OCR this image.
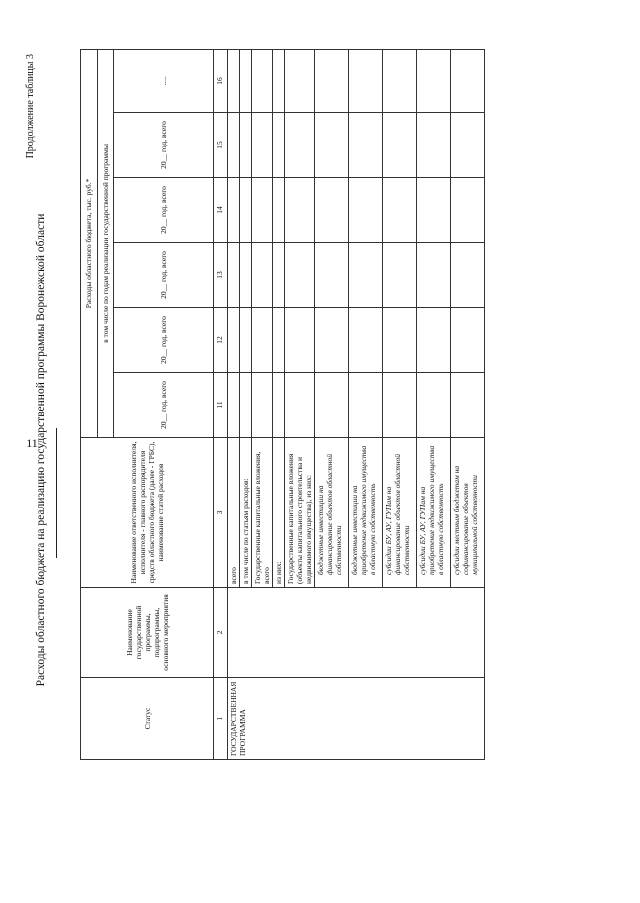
11
Продолжение таблицы 3
Расходы областного бюджета на реализацию государственной программы Воронежской области
Статус	Наименование государственной программы, подпрограммы, основного мероприятия	Наименование ответственного исполнителя, исполнителя - главного распорядителя средств областного бюджета (далее - ГРБС), наименование статей расходов	Расходы областного бюджета, тыс. руб.*					
			в том числе по годам реализации государственной программы					
			20__ год, всего	20__ год, всего	20__ год, всего	20__ год, всего	20__ год, всего	.....
1	2	3	11	12	13	14	15	16
ГОСУДАРСТВЕННАЯ ПРОГРАММА		всего						
		в том числе по статьям расходов:						
		Государственные капитальные вложения, всего						
		из них:						
		Государственные капитальные вложения (объекты капитального строительства и недвижимого имущества), из них:						
		бюджетные инвестиции на финансирование объектов областной собственности						
		бюджетные инвестиции на приобретение недвижимого имущества в областную собственность						
		субсидии БУ, АУ, ГУПам на финансирование объектов областной собственности						
		субсидии БУ, АУ, ГУПам на приобретение недвижимого имущества в областную собственность						
		субсидии местным бюджетам на софинансирование объектов муниципальной собственности						
